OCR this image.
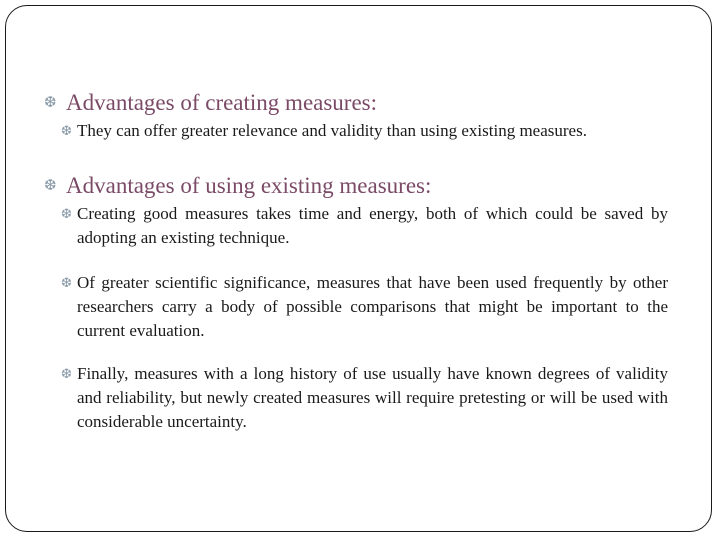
❆ Advantages of creating measures:
❆ They can offer greater relevance and validity than using existing measures.
❆ Advantages of using existing measures:
❆ Creating good measures takes time and energy, both of which could be saved by adopting an existing technique.
❆ Of greater scientific significance, measures that have been used frequently by other researchers carry a body of possible comparisons that might be important to the current evaluation.
❆ Finally, measures with a long history of use usually have known degrees of validity and reliability, but newly created measures will require pretesting or will be used with considerable uncertainty.
